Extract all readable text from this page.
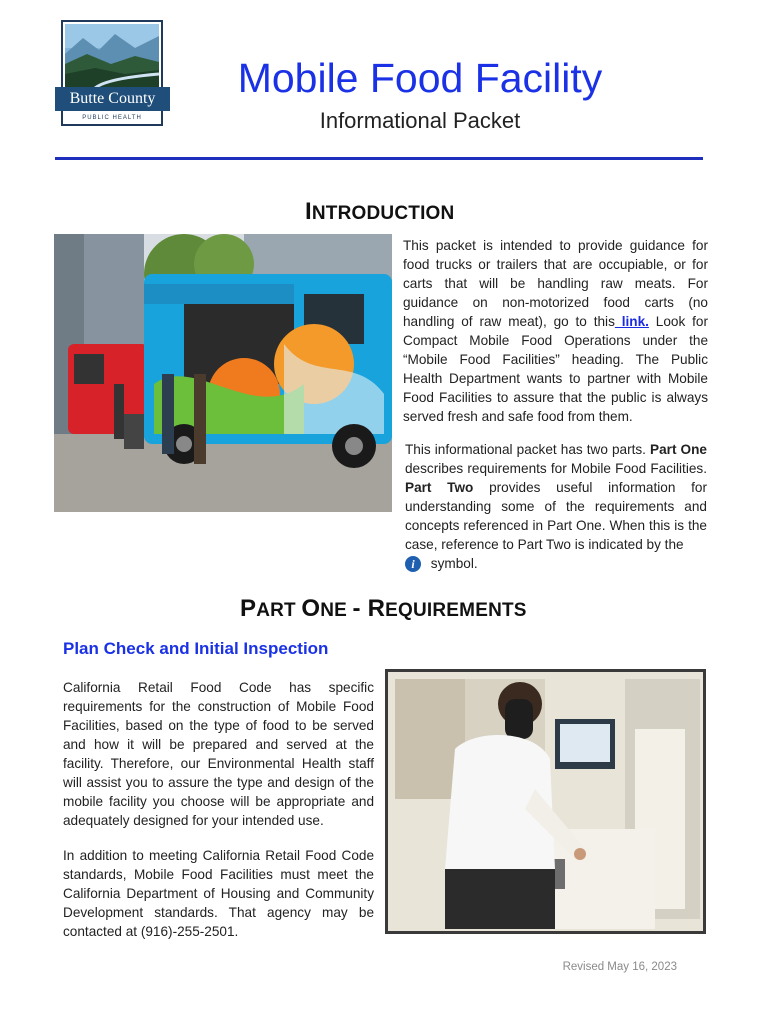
Butte County
PUBLIC HEALTH
Mobile Food Facility
Informational Packet
INTRODUCTION
This packet is intended to provide guidance for food trucks or trailers that are occupiable, or for carts that will be handling raw meats. For guidance on non-motorized food carts (no handling of raw meat), go to this link. Look for Compact Mobile Food Operations under the “Mobile Food Facilities” heading. The Public Health Department wants to partner with Mobile Food Facilities to assure that the public is always served fresh and safe food from them.
This informational packet has two parts. Part One describes requirements for Mobile Food Facilities. Part Two provides useful information for understanding some of the requirements and concepts referenced in Part One. When this is the case, reference to Part Two is indicated by the
i symbol.
PART ONE - REQUIREMENTS
Plan Check and Initial Inspection
California Retail Food Code has specific requirements for the construction of Mobile Food Facilities, based on the type of food to be served and how it will be prepared and served at the facility. Therefore, our Environmental Health staff will assist you to assure the type and design of the mobile facility you choose will be appropriate and adequately designed for your intended use.
In addition to meeting California Retail Food Code standards, Mobile Food Facilities must meet the California Department of Housing and Community Development standards. That agency may be contacted at (916)-255-2501.
Revised May 16, 2023
